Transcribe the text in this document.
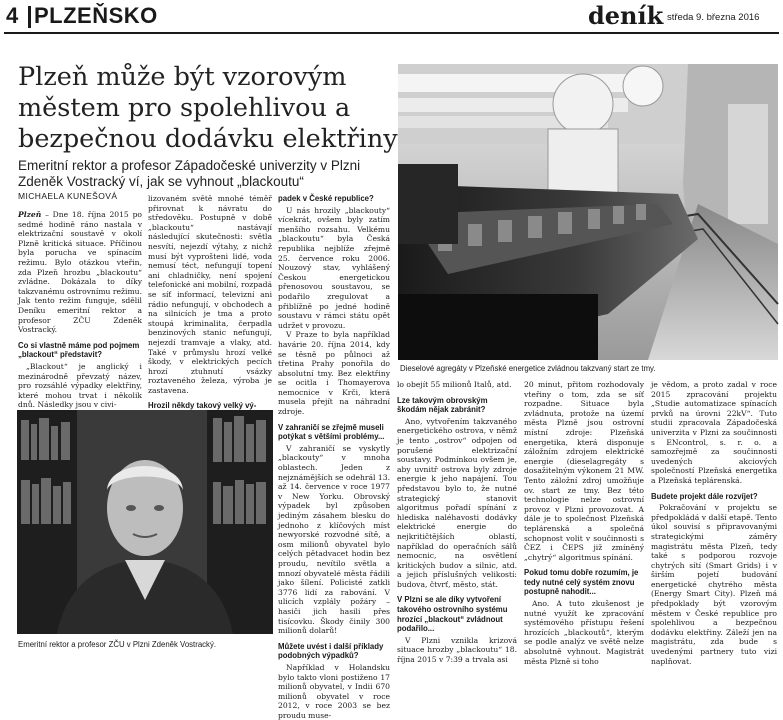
4 PLZEŇSKO	deník středa 9. března 2016
Plzeň může být vzorovým městem pro spolehlivou a bezpečnou dodávku elektřiny
Emeritní rektor a profesor Západočeské univerzity v Plzni Zdeněk Vostracký ví, jak se vyhnout „blackoutu“
MICHAELA KUNEŠOVÁ
Dieselové agregáty v Plzeňské energetice zvládnou takzvaný start ze tmy.
Emeritní rektor a profesor ZČU v Plzni Zdeněk Vostracký.

Plzeň – Dne 18. října 2015 po sedmé hodině ráno nastala v elektrizační soustavě v okolí Plzně kritická situace. Příčinou byla porucha ve spínacím režimu. Bylo otázkou vteřin, zda Plzeň hrozbu „blackoutu“ zvládne. Dokázala to díky takzvanému ostrovnímu režimu. Jak tento režim funguje, sdělil Deníku emeritní rektor a profesor ZČU Zdeněk Vostracký.

Co si vlastně máme pod pojmem „blackout“ představit?

„Blackout“ je anglický i mezinárodně převzatý název, pro rozsáhlé výpadky elektřiny, které mohou trvat i několik dnů. Následky jsou v civi-

lizovaném světě mnohé téměř přirovnat k návratu do středověku. Postupně v době „blackoutu“ nastávají následující skutečnosti: světla nesvítí, nejezdí výtahy, z nichž musí být vyprošteni lidé, voda nemusí téct, nefungují topení ani chladničky, není spojení telefonické ani mobilní, rozpadá se síť informací, televizní ani rádio nefungují, v obchodech a na silnicích je tma a proto stoupá kriminalita, čerpadla benzinových stanic nefungují, nejezdí tramvaje a vlaky, atd. Také v průmyslu hrozí velké škody, v elektrických pecích hrozí ztuhnutí vsázky roztaveného železa, výroba je zastavena.

Hrozil někdy takový velký vý-
padek v České republice?

U nás hrozily „blackouty“ vícekrát, ovšem byly zatím menšího rozsahu. Velkému „blackoutu“ byla Česká republika nejblíže zřejmě 25. července roku 2006. Nouzový stav, vyhlášený Českou energetickou přenosovou soustavou, se podařilo zregulovat a přiblížně po jedné hodině soustavu v rámci státu opět udržet v provozu.

V Praze to byla například havárie 20. října 2014, kdy se těsně po půlnoci až třetina Prahy ponořila do absolutní tmy. Bez elektřiny se ocitla i Thomayerova nemocnice v Krči, která musela přejít na náhradní zdroje.

V zahraničí se zřejmě museli potýkat s většími problémy...

V zahraničí se vyskytly „blackouty“ v mnoha oblastech. Jeden z nejznámějších se odehrál 13. až 14. července v roce 1977 v New Yorku. Obrovský výpadek byl způsoben jediným zásahem blesku do jednoho z klíčových míst newyorské rozvodné sítě, a osm milionů obyvatel bylo celých pětadvacet hodin bez proudu, nevítilo světla a mnozí obyvatelé města řádili jako šílení. Policisté zatkli 3776 lidí za rabování. V ulicích vzplály požáry – hasiči jich hasili přes tisícovku. Škody činily 300 milionů dolarů!

Můžete uvést i další příklady podobných výpadků?

Například v Holandsku bylo takto vloni postiženo 17 milionů obyvatel, v Indii 670 milionů obyvatel v roce 2012, v roce 2003 se bez proudu muse-

lo obejít 55 milionů Italů, atd.

Lze takovým obrovským škodám nějak zabránit?

Ano, vytvořením takzvaného energetického ostrova, v němž je tento „ostrov“ odpojen od porušené elektrizační soustavy. Podmínkou ovšem je, aby uvnitř ostrova byly zdroje energie k jeho napájení. Tou představou bylo to, že nutné strategický stanovit algoritmus pořadí spínání z hlediska naléhavosti dodávky elektrické energie do nejkritičtějších oblastí, například do operačních sálů nemocnic, na osvětlení kritických budov a silnic, atd. a jejich příslušných velikostí: budova, čtvrť, město, stát.

V Plzni se ale díky vytvoření takového ostrovního systému hrozící „blackout“ zvládnout podařilo...

V Plzni vznikla krizová situace hrozby „blackoutu“ 18. října 2015 v 7:39 a trvala asi

20 minut, přitom rozhodovaly vteřiny o tom, zda se síť rozpadne. Situace byla zvládnuta, protože na území města Plzně jsou ostrovní místní zdroje: Plzeňská energetika, která disponuje záložním zdrojem elektrické energie (dieselagregáty s dosažitelným výkonem 21 MW. Tento záložní zdroj umožňuje ov. start ze tmy. Bez této technologie nelze ostrovní provoz v Plzni provozovat. A dále je to společnost Plzeňská teplárenská a společná schopnost volit v součinnosti s ČEZ i ČEPS již zmíněný „chytrý“ algoritmus spínání.

Pokud tomu dobře rozumím, je tedy nutné celý systém znovu postupně nahodit...

Ano. A tuto zkušenost je nutné využít ke zpracování systémového přístupu řešení hrozících „blackoutů“, kterým se podle analýz ve světě nelze absolutně vyhnout. Magistrát města Plzně si toho

je vědom, a proto zadal v roce 2015 zpracování projektu „Studie automatizace spínacích prvků na úrovni 22kV“. Tuto studii zpracovala Západočeská univerzita v Plzni za součinnosti s ENcontrol, s. r. o. a samozřejmě za součinnosti uvedených akciových společností Plzeňská energetika a Plzeňská teplárenská.

Budete projekt dále rozvíjet?

Pokračování v projektu se předpokládá v další etapě. Tento úkol souvisí s připravovanými strategickými záměry magistrátu města Plzeň, tedy také s podporou rozvoje chytrých sítí (Smart Grids) i v širším pojetí budování energetické chytrého města (Energy Smart City). Plzeň má předpoklady být vzorovým městem v České republice pro spolehlivou a bezpečnou dodávku elektřiny. Záleží jen na magistrátu, zda bude s uvedenými partnery tuto vizi naplňovat.
